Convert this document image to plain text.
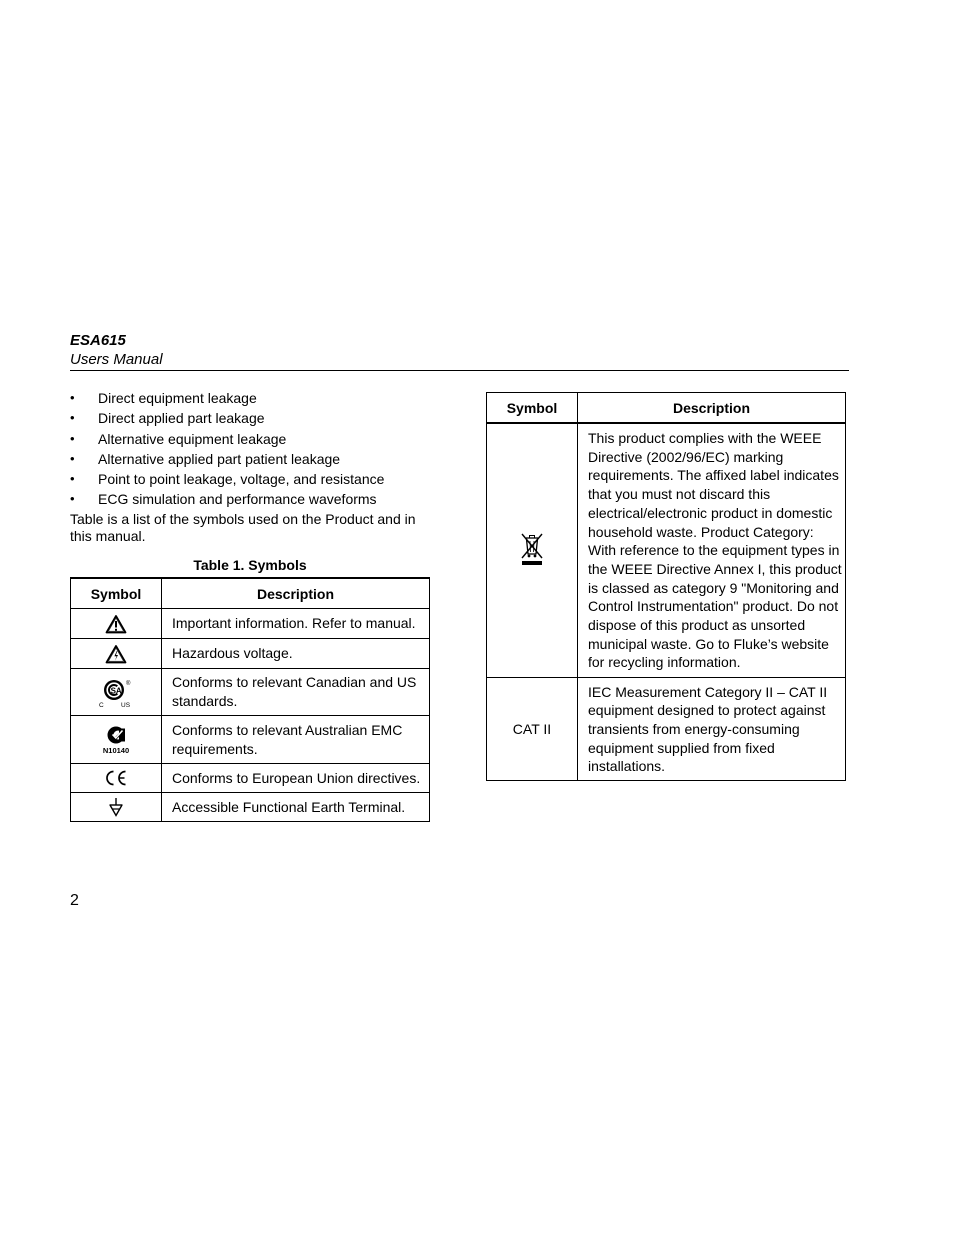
ESA615
Users Manual
• Direct equipment leakage
• Direct applied part leakage
• Alternative equipment leakage
• Alternative applied part patient leakage
• Point to point leakage, voltage, and resistance
• ECG simulation and performance waveforms

Table is a list of the symbols used on the Product and in this manual.

Table 1. Symbols
Symbol	Description
	Important information. Refer to manual.
	Hazardous voltage.

SA
C US
®	Conforms to relevant Canadian and US standards.

N10140	Conforms to relevant Australian EMC requirements.
	Conforms to European Union directives.
	Accessible Functional Earth Terminal.
Symbol	Description
	This product complies with the WEEE Directive (2002/96/EC) marking requirements. The affixed label indicates that you must not discard this electrical/electronic product in domestic household waste. Product Category: With reference to the equipment types in the WEEE Directive Annex I, this product is classed as category 9 "Monitoring and Control Instrumentation" product. Do not dispose of this product as unsorted municipal waste. Go to Fluke’s website for recycling information.
CAT II	IEC Measurement Category II – CAT II equipment designed to protect against transients from energy-consuming equipment supplied from fixed installations.
2
